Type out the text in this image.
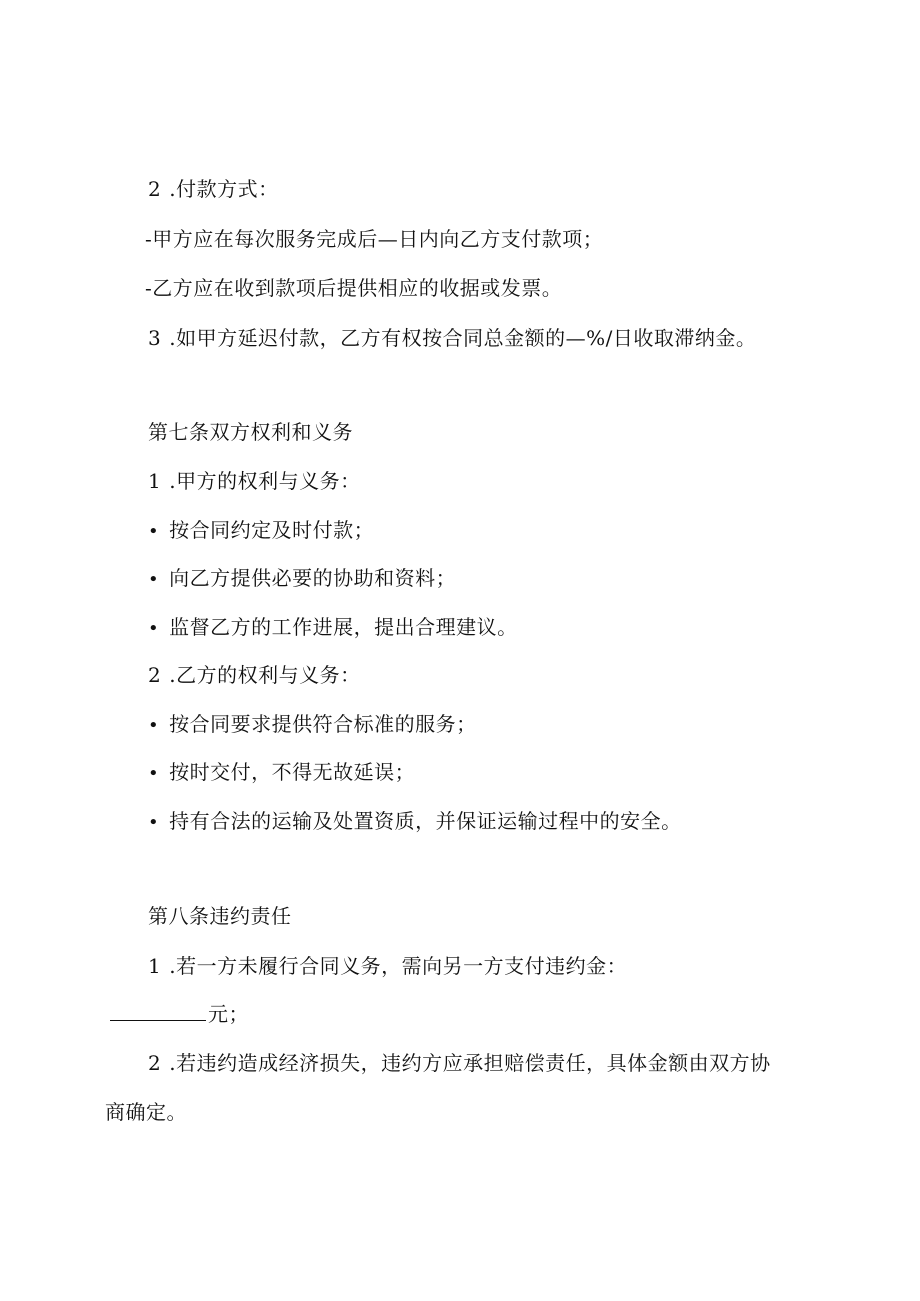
2 .付款方式：
-甲方应在每次服务完成后—日内向乙方支付款项；
-乙方应在收到款项后提供相应的收据或发票。
3 .如甲方延迟付款，乙方有权按合同总金额的—%/日收取滞纳金。
第七条双方权利和义务
1 .甲方的权利与义务：
• 按合同约定及时付款；
• 向乙方提供必要的协助和资料；
• 监督乙方的工作进展，提出合理建议。
2 .乙方的权利与义务：
• 按合同要求提供符合标准的服务；
• 按时交付，不得无故延误；
• 持有合法的运输及处置资质，并保证运输过程中的安全。
第八条违约责任
1 .若一方未履行合同义务，需向另一方支付违约金：
元；
2 .若违约造成经济损失，违约方应承担赔偿责任，具体金额由双方协
商确定。
